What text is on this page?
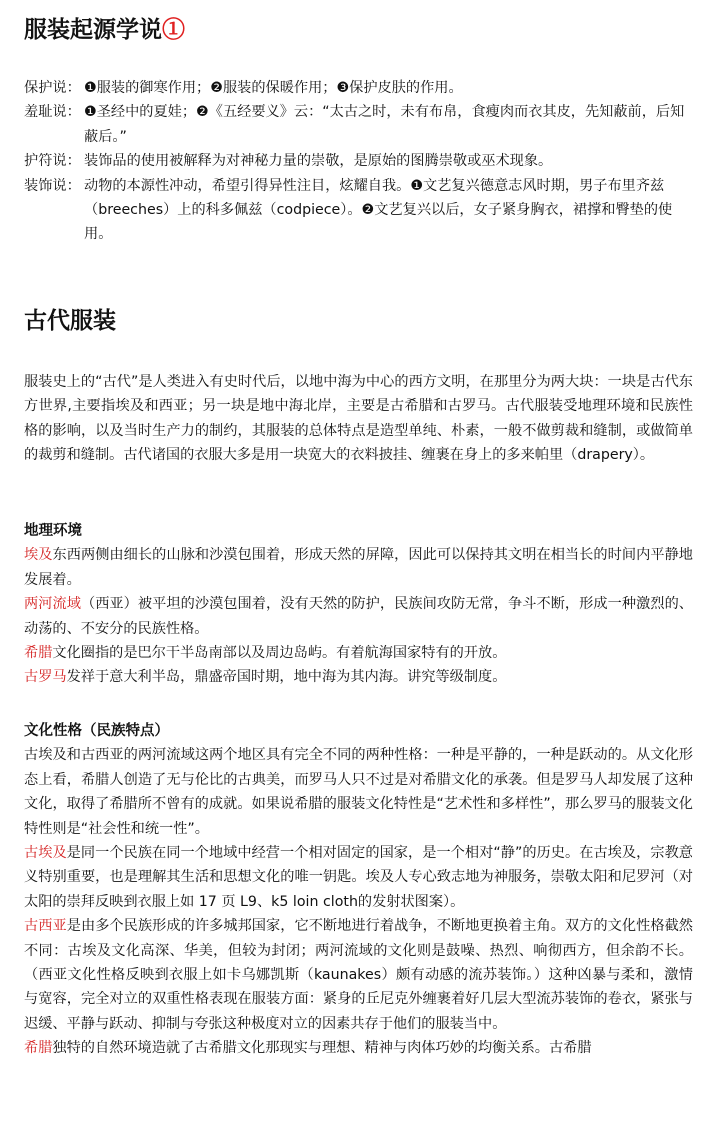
服装起源学说①
保护说： ❶服装的御寒作用；❷服装的保暖作用；❸保护皮肤的作用。
羞耻说： ❶圣经中的夏娃；❷《五经要义》云：“太古之时，未有布帛，食瘦肉而衣其皮，先知蔽前，后知蔽后。”
护符说： 装饰品的使用被解释为对神秘力量的崇敬，是原始的图腾崇敬或巫术现象。
装饰说： 动物的本源性冲动，希望引得异性注目，炫耀自我。❶文艺复兴德意志风时期，男子布里齐兹（breeches）上的科多佩兹（codpiece）。❷文艺复兴以后，女子紧身胸衣，裙撑和臀垫的使用。
古代服装

服装史上的“古代”是人类进入有史时代后，以地中海为中心的西方文明，在那里分为两大块：一块是古代东方世界,主要指埃及和西亚；另一块是地中海北岸，主要是古希腊和古罗马。古代服装受地理环境和民族性格的影响，以及当时生产力的制约，其服装的总体特点是造型单纯、朴素，一般不做剪裁和缝制，或做简单的裁剪和缝制。古代诸国的衣服大多是用一块宽大的衣料披挂、缠裹在身上的多来帕里（drapery）。

地理环境

埃及东西两侧由细长的山脉和沙漠包围着，形成天然的屏障，因此可以保持其文明在相当长的时间内平静地发展着。

两河流域（西亚）被平坦的沙漠包围着，没有天然的防护，民族间攻防无常，争斗不断，形成一种激烈的、动荡的、不安分的民族性格。

希腊文化圈指的是巴尔干半岛南部以及周边岛屿。有着航海国家特有的开放。

古罗马发祥于意大利半岛，鼎盛帝国时期，地中海为其内海。讲究等级制度。

文化性格（民族特点）

古埃及和古西亚的两河流域这两个地区具有完全不同的两种性格：一种是平静的，一种是跃动的。从文化形态上看，希腊人创造了无与伦比的古典美，而罗马人只不过是对希腊文化的承袭。但是罗马人却发展了这种文化，取得了希腊所不曾有的成就。如果说希腊的服装文化特性是“艺术性和多样性”，那么罗马的服装文化特性则是“社会性和统一性”。

古埃及是同一个民族在同一个地域中经营一个相对固定的国家，是一个相对“静”的历史。在古埃及，宗教意义特别重要，也是理解其生活和思想文化的唯一钥匙。埃及人专心致志地为神服务，崇敬太阳和尼罗河（对太阳的崇拜反映到衣服上如 17 页 L9、k5 loin cloth的发射状图案）。

古西亚是由多个民族形成的许多城邦国家，它不断地进行着战争，不断地更换着主角。双方的文化性格截然不同：古埃及文化高深、华美，但较为封闭；两河流域的文化则是鼓噪、热烈、响彻西方，但余韵不长。（西亚文化性格反映到衣服上如卡乌娜凯斯（kaunakes）颇有动感的流苏装饰。）这种凶暴与柔和，激情与宽容，完全对立的双重性格表现在服装方面：紧身的丘尼克外缠裹着好几层大型流苏装饰的卷衣，紧张与迟缓、平静与跃动、抑制与夸张这种极度对立的因素共存于他们的服装当中。

希腊独特的自然环境造就了古希腊文化那现实与理想、精神与肉体巧妙的均衡关系。古希腊
